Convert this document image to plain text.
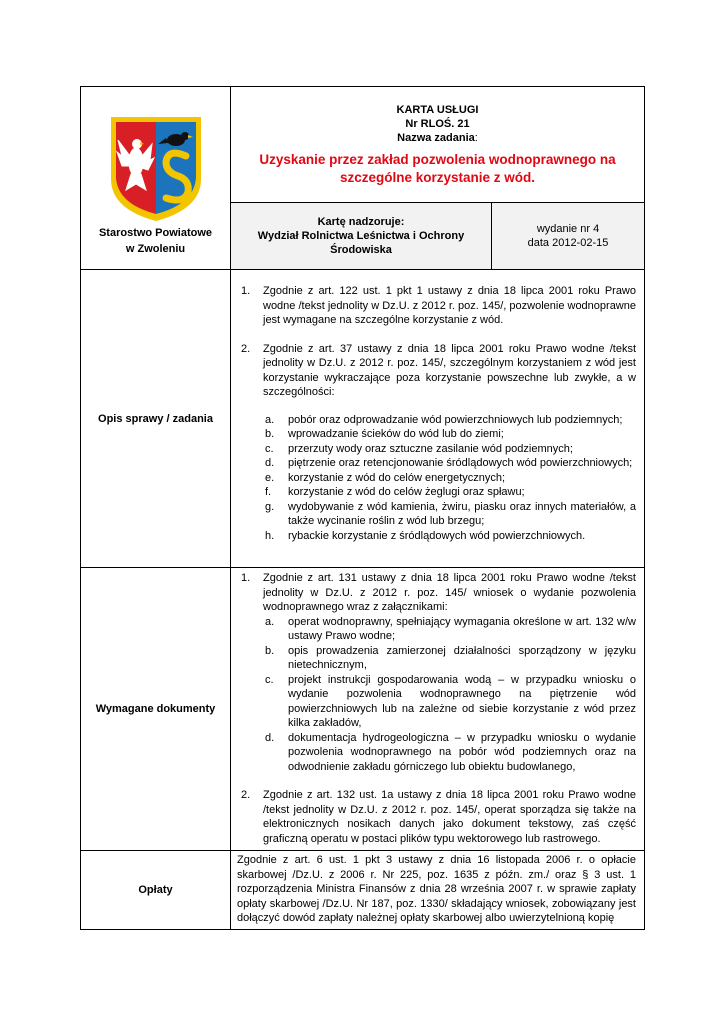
Starostwo Powiatowe
w Zwoleniu
KARTA USŁUGI
Nr RLOŚ. 21
Nazwa zadania:
Uzyskanie przez zakład pozwolenia wodnoprawnego na szczególne korzystanie z wód.
Kartę nadzoruje:
Wydział Rolnictwa Leśnictwa i Ochrony
Środowiska
wydanie nr 4
data 2012-02-15
Opis sprawy / zadania
1. Zgodnie z art. 122 ust. 1 pkt 1 ustawy z dnia 18 lipca 2001 roku Prawo wodne /tekst jednolity w Dz.U. z 2012 r. poz. 145/, pozwolenie wodnoprawne jest wymagane na szczególne korzystanie z wód.
2. Zgodnie z art. 37 ustawy z dnia 18 lipca 2001 roku Prawo wodne /tekst jednolity w Dz.U. z 2012 r. poz. 145/, szczególnym korzystaniem z wód jest korzystanie wykraczające poza korzystanie powszechne lub zwykłe, a w szczególności:
a. pobór oraz odprowadzanie wód powierzchniowych lub podziemnych;
b. wprowadzanie ścieków do wód lub do ziemi;
c. przerzuty wody oraz sztuczne zasilanie wód podziemnych;
d. piętrzenie oraz retencjonowanie śródlądowych wód powierzchniowych;
e. korzystanie z wód do celów energetycznych;
f. korzystanie z wód do celów żeglugi oraz spławu;
g. wydobywanie z wód kamienia, żwiru, piasku oraz innych materiałów, a także wycinanie roślin z wód lub brzegu;
h. rybackie korzystanie z śródlądowych wód powierzchniowych.
Wymagane dokumenty
1. Zgodnie z art. 131 ustawy z dnia 18 lipca 2001 roku Prawo wodne /tekst jednolity w Dz.U. z 2012 r. poz. 145/ wniosek o wydanie pozwolenia wodnoprawnego wraz z załącznikami:
a. operat wodnoprawny, spełniający wymagania określone w art. 132 w/w ustawy Prawo wodne;
b. opis prowadzenia zamierzonej działalności sporządzony w języku nietechnicznym,
c. projekt instrukcji gospodarowania wodą – w przypadku wniosku o wydanie pozwolenia wodnoprawnego na piętrzenie wód powierzchniowych lub na zależne od siebie korzystanie z wód przez kilka zakładów,
d. dokumentacja hydrogeologiczna – w przypadku wniosku o wydanie pozwolenia wodnoprawnego na pobór wód podziemnych oraz na odwodnienie zakładu górniczego lub obiektu budowlanego,
2. Zgodnie z art. 132 ust. 1a ustawy z dnia 18 lipca 2001 roku Prawo wodne /tekst jednolity w Dz.U. z 2012 r. poz. 145/, operat sporządza się także na elektronicznych nosikach danych jako dokument tekstowy, zaś część graficzną operatu w postaci plików typu wektorowego lub rastrowego.
Opłaty
Zgodnie z art. 6 ust. 1 pkt 3 ustawy z dnia 16 listopada 2006 r. o opłacie skarbowej /Dz.U. z 2006 r. Nr 225, poz. 1635 z późn. zm./ oraz § 3 ust. 1 rozporządzenia Ministra Finansów z dnia 28 września 2007 r. w sprawie zapłaty opłaty skarbowej /Dz.U. Nr 187, poz. 1330/ składający wniosek, zobowiązany jest dołączyć dowód zapłaty należnej opłaty skarbowej albo uwierzytelnioną kopię
